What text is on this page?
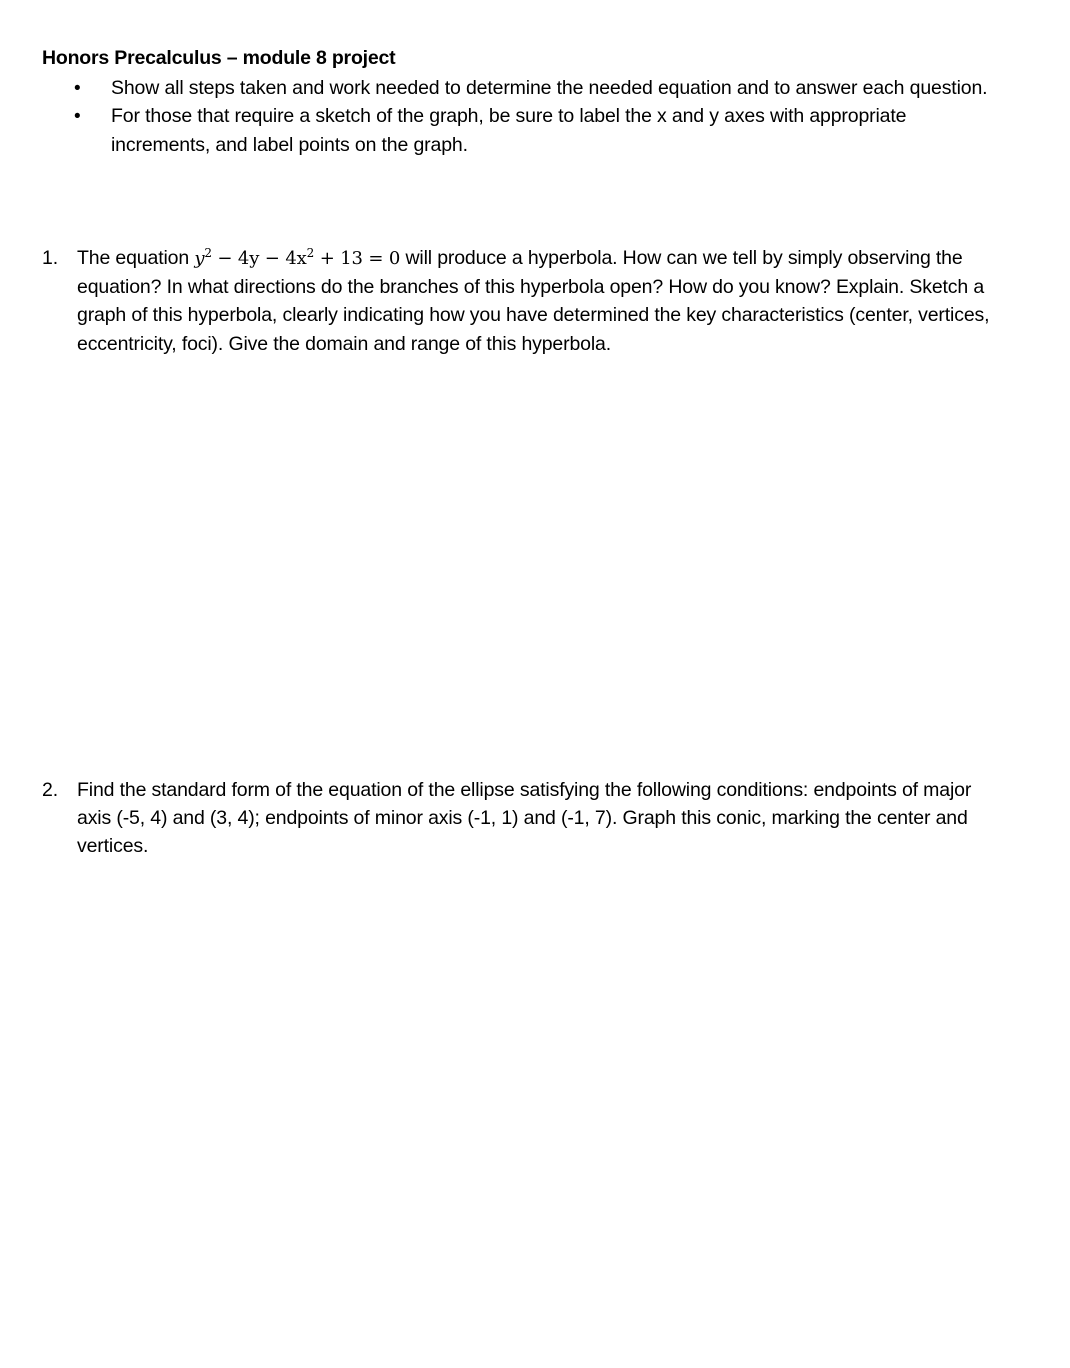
Honors Precalculus – module 8 project
• Show all steps taken and work needed to determine the needed equation and to answer each question.
• For those that require a sketch of the graph, be sure to label the x and y axes with appropriate increments, and label points on the graph.
1. The equation $y^2 - 4y - 4x^2 + 13 = 0$ will produce a hyperbola. How can we tell by simply observing the equation? In what directions do the branches of this hyperbola open? How do you know? Explain. Sketch a graph of this hyperbola, clearly indicating how you have determined the key characteristics (center, vertices, eccentricity, foci). Give the domain and range of this hyperbola.
2. Find the standard form of the equation of the ellipse satisfying the following conditions: endpoints of major axis (-5, 4) and (3, 4); endpoints of minor axis (-1, 1) and (-1, 7). Graph this conic, marking the center and vertices.
